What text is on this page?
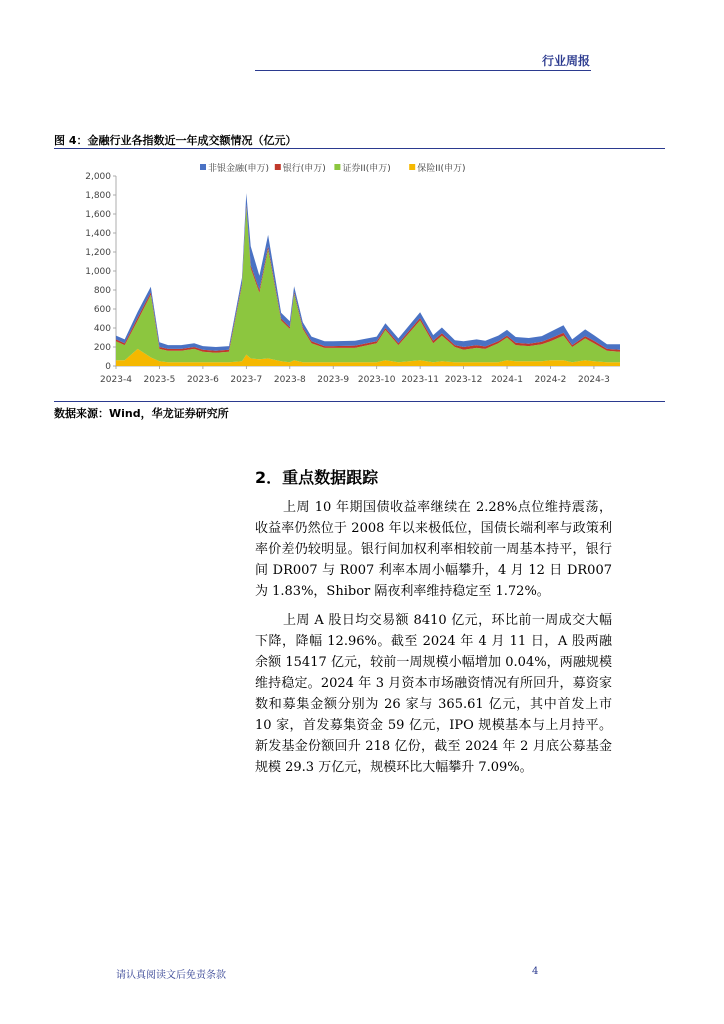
行业周报
图 4：金融行业各指数近一年成交额情况（亿元）
非银金融(申万) 银行(申万) 证券II(申万)	保险II(申万)
0
200
400
600
800
1,000
1,200
1,400
1,600
1,800
2,000
2023-4 2023-5 2023-6 2023-7 2023-8 2023-9 2023-10 2023-11 2023-12 2024-1 2024-2 2024-3
数据来源：Wind，华龙证券研究所
2．重点数据跟踪

上周 10 年期国债收益率继续在 2.28%点位维持震荡，收益率仍然位于 2008 年以来极低位，国债长端利率与政策利率价差仍较明显。银行间加权利率相较前一周基本持平，银行间 DR007 与 R007 利率本周小幅攀升，4 月 12 日 DR007 为 1.83%，Shibor 隔夜利率维持稳定至 1.72%。

上周 A 股日均交易额 8410 亿元，环比前一周成交大幅下降，降幅 12.96%。截至 2024 年 4 月 11 日，A 股两融余额 15417 亿元，较前一周规模小幅增加 0.04%，两融规模维持稳定。2024 年 3 月资本市场融资情况有所回升，募资家数和募集金额分别为 26 家与 365.61 亿元，其中首发上市 10 家，首发募集资金 59 亿元，IPO 规模基本与上月持平。新发基金份额回升 218 亿份，截至 2024 年 2 月底公募基金规模 29.3 万亿元，规模环比大幅攀升 7.09%。

请认真阅读文后免责条款	4
